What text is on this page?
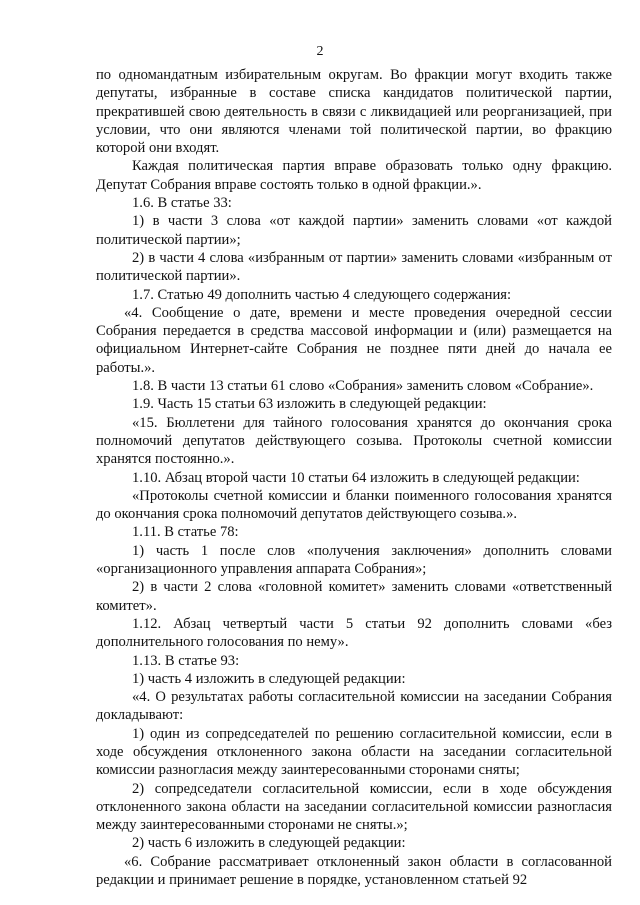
2

по одномандатным избирательным округам. Во фракции могут входить также депутаты, избранные в составе списка кандидатов политической партии, прекратившей свою деятельность в связи с ликвидацией или реорганизацией, при условии, что они являются членами той политической партии, во фракцию которой они входят.

Каждая политическая партия вправе образовать только одну фракцию. Депутат Собрания вправе состоять только в одной фракции.».

1.6. В статье 33:

1) в части 3 слова «от каждой партии» заменить словами «от каждой политической партии»;

2) в части 4 слова «избранным от партии» заменить словами «избранным от политической партии».

1.7. Статью 49 дополнить частью 4 следующего содержания:

«4. Сообщение о дате, времени и месте проведения очередной сессии Собрания передается в средства массовой информации и (или) размещается на официальном Интернет-сайте Собрания не позднее пяти дней до начала ее работы.».

1.8. В части 13 статьи 61 слово «Собрания» заменить словом «Собрание».

1.9. Часть 15 статьи 63 изложить в следующей редакции:

«15. Бюллетени для тайного голосования хранятся до окончания срока полномочий депутатов действующего созыва. Протоколы счетной комиссии хранятся постоянно.».

1.10. Абзац второй части 10 статьи 64 изложить в следующей редакции:

«Протоколы счетной комиссии и бланки поименного голосования хранятся до окончания срока полномочий депутатов действующего созыва.».

1.11. В статье 78:

1) часть 1 после слов «получения заключения» дополнить словами «организационного управления аппарата Собрания»;

2) в части 2 слова «головной комитет» заменить словами «ответственный комитет».

1.12. Абзац четвертый части 5 статьи 92 дополнить словами «без дополнительного голосования по нему».

1.13. В статье 93:

1) часть 4 изложить в следующей редакции:

«4. О результатах работы согласительной комиссии на заседании Собрания докладывают:

1) один из сопредседателей по решению согласительной комиссии, если в ходе обсуждения отклоненного закона области на заседании согласительной комиссии разногласия между заинтересованными сторонами сняты;

2) сопредседатели согласительной комиссии, если в ходе обсуждения отклоненного закона области на заседании согласительной комиссии разногласия между заинтересованными сторонами не сняты.»;

2) часть 6 изложить в следующей редакции:

«6. Собрание рассматривает отклоненный закон области в согласованной редакции и принимает решение в порядке, установленном статьей 92
